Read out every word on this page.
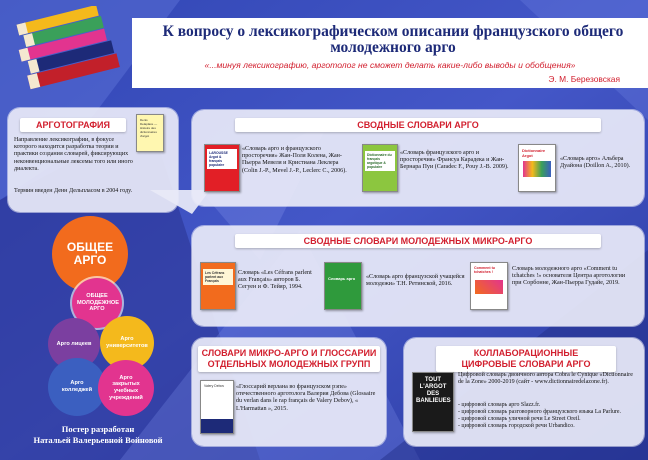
К вопросу о лексикографическом описании французского общего молодежного арго
«...минуя лексикографию, арготолог не сможет делать какие-либо выводы и обобщения»
Э. М. Березовская
АРГОТОГРАФИЯ	Denis Delaplace — Histoire des dictionnaires d'argot
Направление лексикографии, в фокусе которого находится разработка теории и практики создания словарей, фиксирующих неконвенциональные лексемы того или иного диалекта.
Термин введен Денн Дельпласом в 2004 году.
СВОДНЫЕ СЛОВАРИ АРГО
LAROUSSE Argot & français populaire
«Словарь арго и французского просторечия» Жан-Поля Колена, Жан-Пьерра Мевеля и Кристиана Леклера (Colin J.-P., Mevel J.-P., Leclerc C., 2006).
Dictionnaire du français argotique & populaire
«Словарь французского арго и просторечия» Франсуа Карадека и Жан-Бернара Пуи (Caradec F., Pouy J.-B. 2009).
Dictionnaire Argot
«Словарь арго» Альбера Дуайона (Doillon A., 2010).
СВОДНЫЕ СЛОВАРИ МОЛОДЕЖНЫХ МИКРО-АРГО
Les Céfrans parlent aux Français
Словарь «Les Céfrans parlent aux Français» авторов Б. Сегуен и Ф. Тейяр, 1994.
Словарь арго	«Словарь арго французской учащейся молодежи» Т.Н. Ретинской, 2016.
Comment tu tchatches !
Словарь молодежного арго «Comment tu tchatches !» основателя Центра арготологии при Сорбонне, Жан-Пьерра Гудайе, 2019.
СЛОВАРИ МИКРО-АРГО И ГЛОССАРИИ
ОТДЕЛЬНЫХ МОЛОДЕЖНЫХ ГРУПП
Valery Debov	«Глоссарий верлана во французском рэпе» отечественного арготолога Валерия Дебова (Glossaire du verlan dans le rap français de Valery Debov), « L'Harmattan », 2015.
КОЛЛАБОРАЦИОННЫЕ
ЦИФРОВЫЕ СЛОВАРИ АРГО
TOUT L'ARGOT DES BANLIEUES
Цифровой словарь двоичного автора Cobra le Cynique «Dictionnaire de la Zone» 2000-2019 (сайт - www.dictionnairedelazone.fr).
- цифровой словарь арго Slazz.fr.
- цифровой словарь разговорного французского языка La Parlure.
- цифровой словарь уличной речи Le Street Oreil.
- цифровой словарь городской речи Urbandico.
ОБЩЕЕ АРГО
ОБЩЕЕ МОЛОДЕЖНОЕ АРГО
Арго лицеев
Арго университетов
Арго колледжей
Арго закрытых учебных учреждений
Постер разработан
Натальей Валерьевной Войновой
